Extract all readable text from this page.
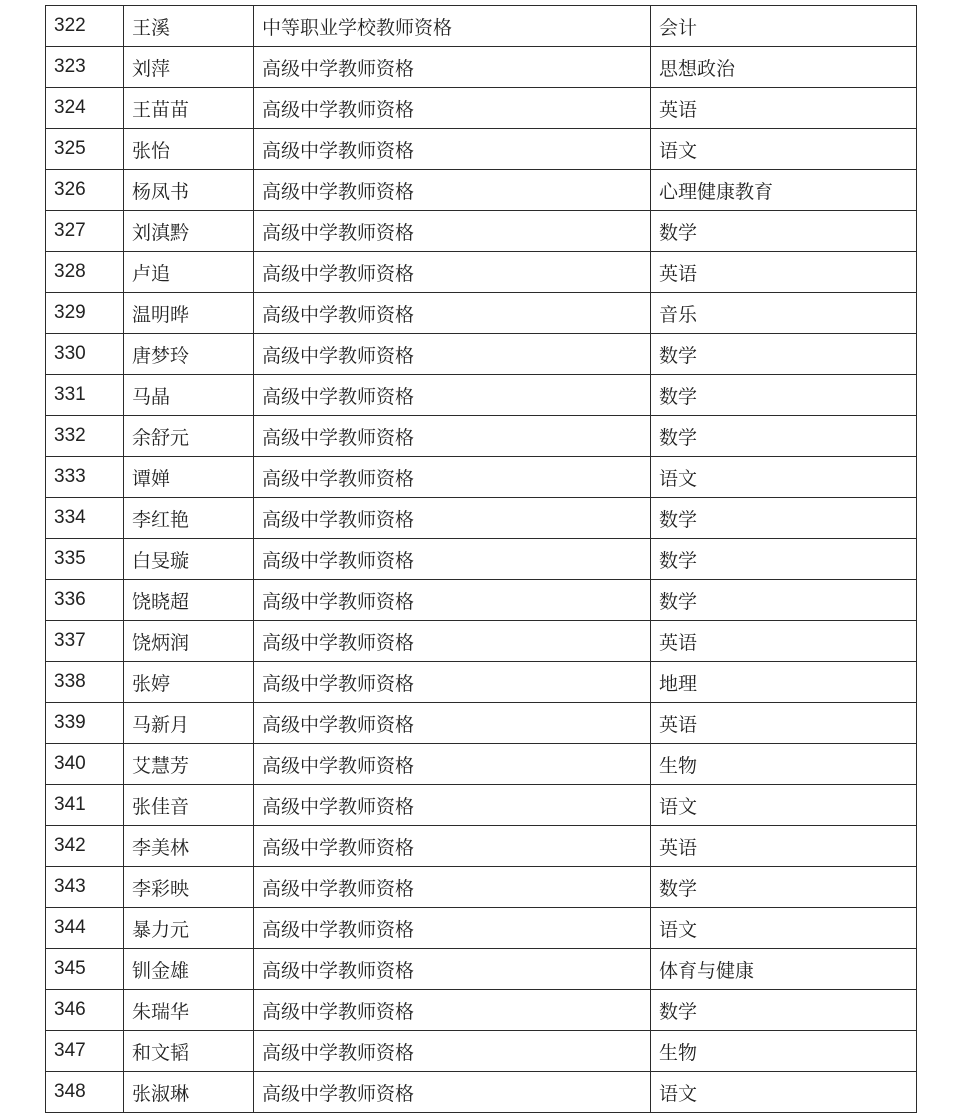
322	王溪	中等职业学校教师资格	会计
323	刘萍	高级中学教师资格	思想政治
324	王苗苗	高级中学教师资格	英语
325	张怡	高级中学教师资格	语文
326	杨凤书	高级中学教师资格	心理健康教育
327	刘滇黔	高级中学教师资格	数学
328	卢追	高级中学教师资格	英语
329	温明晔	高级中学教师资格	音乐
330	唐梦玲	高级中学教师资格	数学
331	马晶	高级中学教师资格	数学
332	余舒元	高级中学教师资格	数学
333	谭婵	高级中学教师资格	语文
334	李红艳	高级中学教师资格	数学
335	白旻璇	高级中学教师资格	数学
336	饶晓超	高级中学教师资格	数学
337	饶炳润	高级中学教师资格	英语
338	张婷	高级中学教师资格	地理
339	马新月	高级中学教师资格	英语
340	艾慧芳	高级中学教师资格	生物
341	张佳音	高级中学教师资格	语文
342	李美林	高级中学教师资格	英语
343	李彩映	高级中学教师资格	数学
344	暴力元	高级中学教师资格	语文
345	钏金雄	高级中学教师资格	体育与健康
346	朱瑞华	高级中学教师资格	数学
347	和文韬	高级中学教师资格	生物
348	张淑琳	高级中学教师资格	语文
